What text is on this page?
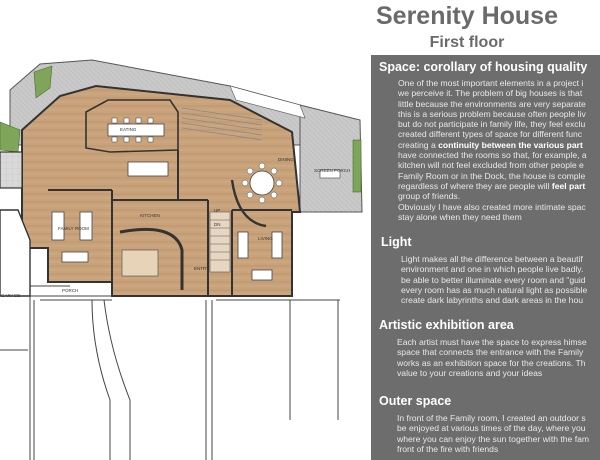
EATING
FAMILY ROOM
KITCHEN
SCREEN PORCH
LIVING
ENTRY
PORCH
GARAGE
DINING
UP
DN
Serenity House
First floor
Space: corollary of housing quality
One of the most important elements in a project i
we perceive it. The problem of big houses is that
little because the environments are very separate
this is a serious problem because often people liv
but do not participate in family life, they feel exclu
created different types of space for different func
creating a continuity between the various part
have connected the rooms so that, for example, a
kitchen will not feel excluded from other people e
Family Room or in the Dock, the house is comple
regardless of where they are people will feel part
group of friends.
Obviously I have also created more intimate spac
stay alone when they need them
Light
Light makes all the difference between a beautif
environment and one in which people live badly.
be able to better illuminate every room and "guid
every room has as much natural light as possible
create dark labyrinths and dark areas in the hou
Artistic exhibition area
Each artist must have the space to express himse
space that connects the entrance with the Family
works as an exhibition space for the creations. Th
value to your creations and your ideas
Outer space
In front of the Family room, I created an outdoor s
be enjoyed at various times of the day, where you
where you can enjoy the sun together with the fam
front of the fire with friends
